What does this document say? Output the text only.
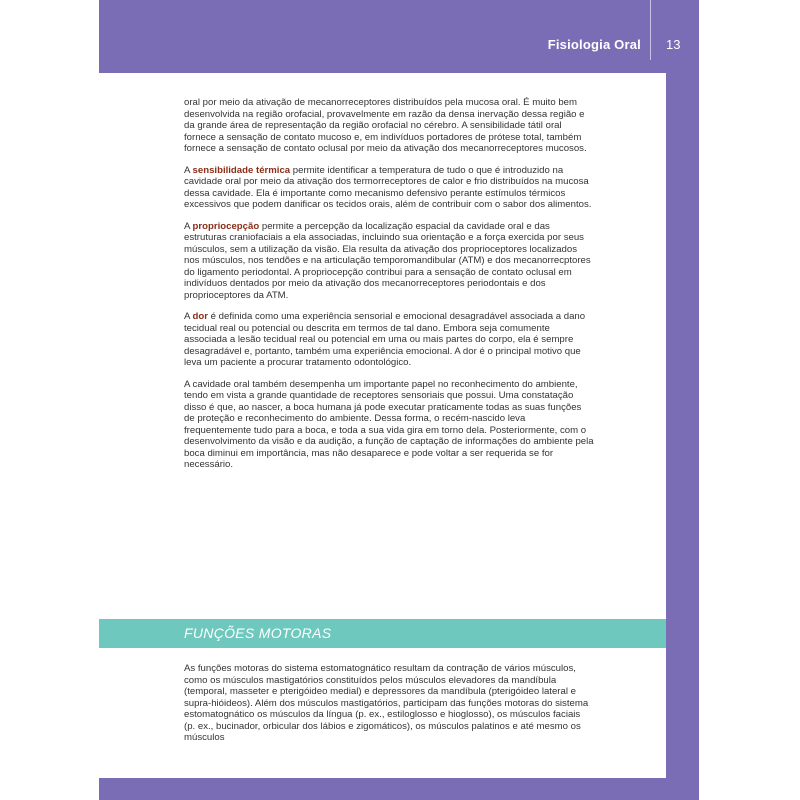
Fisiologia Oral 13

oral por meio da ativação de mecanorreceptores distribuídos pela mucosa oral. É muito bem desenvolvida na região orofacial, provavelmente em razão da densa inervação dessa região e da grande área de representação da região orofacial no cérebro. A sensibilidade tátil oral fornece a sensação de contato mucoso e, em indivíduos portadores de prótese total, também fornece a sensação de contato oclusal por meio da ativação dos mecanorreceptores mucosos.

A sensibilidade térmica permite identificar a temperatura de tudo o que é introduzido na cavidade oral por meio da ativação dos termorreceptores de calor e frio distribuídos na mucosa dessa cavidade. Ela é importante como mecanismo defensivo perante estímulos térmicos excessivos que podem danificar os tecidos orais, além de contribuir com o sabor dos alimentos.

A propriocepção permite a percepção da localização espacial da cavidade oral e das estruturas craniofaciais a ela associadas, incluindo sua orientação e a força exercida por seus músculos, sem a utilização da visão. Ela resulta da ativação dos proprioceptores localizados nos músculos, nos tendões e na articulação temporomandibular (ATM) e dos mecanorrecptores do ligamento periodontal. A propriocepção contribui para a sensação de contato oclusal em indivíduos dentados por meio da ativação dos mecanorreceptores periodontais e dos proprioceptores da ATM.

A dor é definida como uma experiência sensorial e emocional desagradável associada a dano tecidual real ou potencial ou descrita em termos de tal dano. Embora seja comumente associada a lesão tecidual real ou potencial em uma ou mais partes do corpo, ela é sempre desagradável e, portanto, também uma experiência emocional. A dor é o principal motivo que leva um paciente a procurar tratamento odontológico.

A cavidade oral também desempenha um importante papel no reconhecimento do ambiente, tendo em vista a grande quantidade de receptores sensoriais que possui. Uma constatação disso é que, ao nascer, a boca humana já pode executar praticamente todas as suas funções de proteção e reconhecimento do ambiente. Dessa forma, o recém-nascido leva frequentemente tudo para a boca, e toda a sua vida gira em torno dela. Posteriormente, com o desenvolvimento da visão e da audição, a função de captação de informações do ambiente pela boca diminui em importância, mas não desaparece e pode voltar a ser requerida se for necessário.

FUNÇÕES MOTORAS

As funções motoras do sistema estomatognático resultam da contração de vários músculos, como os músculos mastigatórios constituídos pelos músculos elevadores da mandíbula (temporal, masseter e pterigóideo medial) e depressores da mandíbula (pterigóideo lateral e supra-hióideos). Além dos músculos mastigatórios, participam das funções motoras do sistema estomatognático os músculos da língua (p. ex., estiloglosso e hioglosso), os músculos faciais (p. ex., bucinador, orbicular dos lábios e zigomáticos), os músculos palatinos e até mesmo os músculos
